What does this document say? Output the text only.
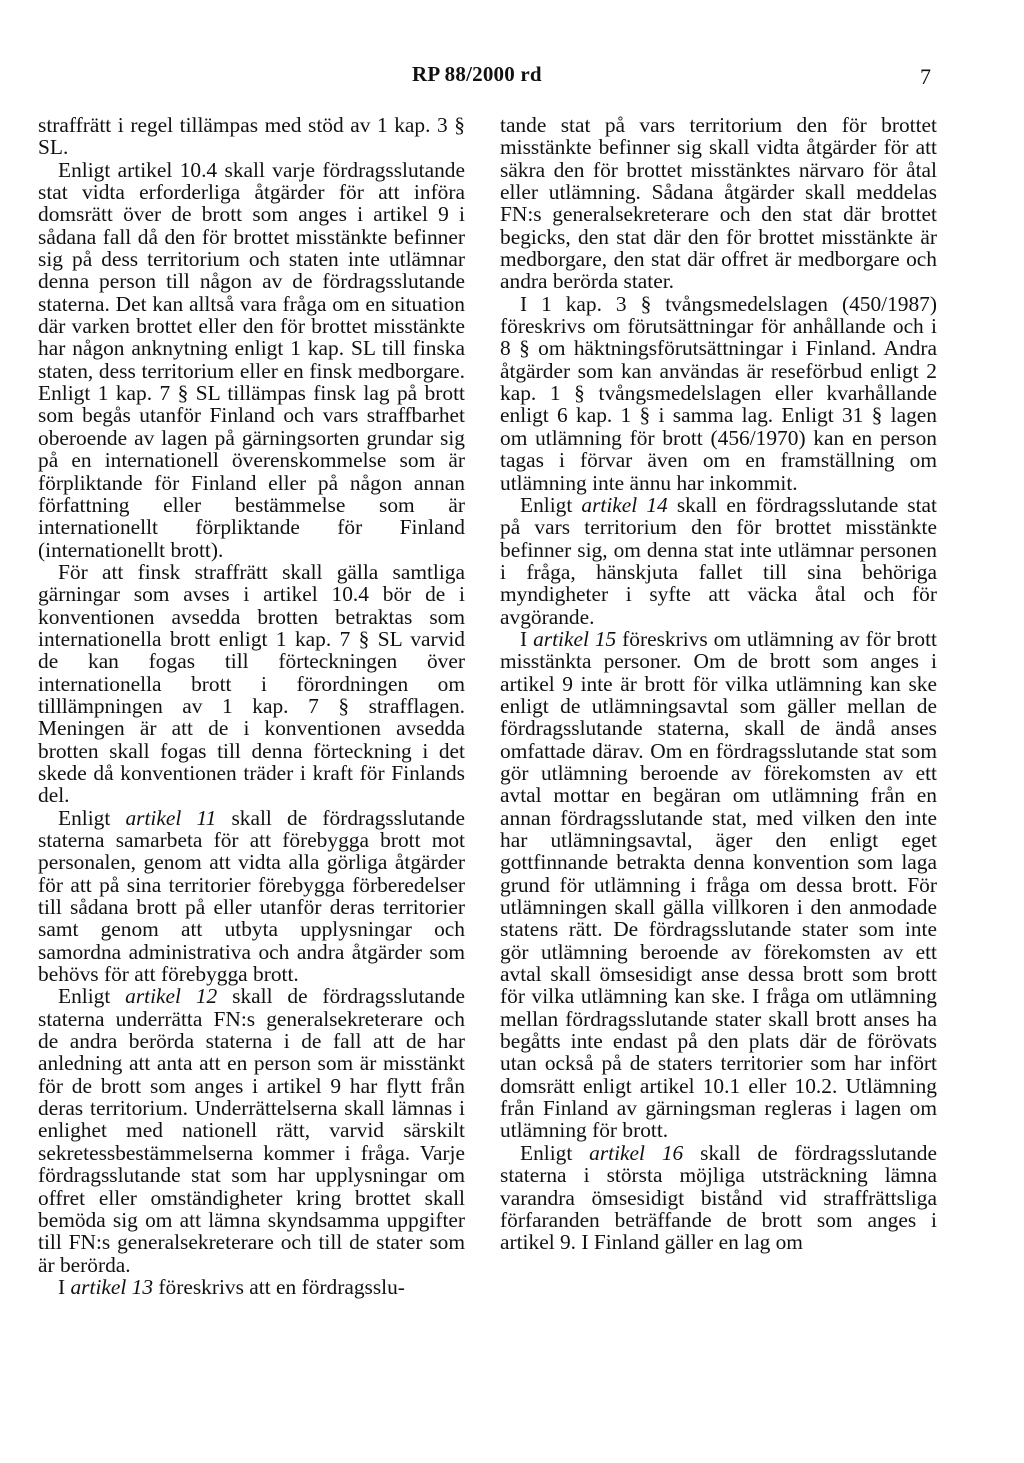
RP 88/2000 rd	7

straffrätt i regel tillämpas med stöd av 1 kap. 3 § SL.

Enligt artikel 10.4 skall varje fördragsslutande stat vidta erforderliga åtgärder för att införa domsrätt över de brott som anges i artikel 9 i sådana fall då den för brottet misstänkte befinner sig på dess territorium och staten inte utlämnar denna person till någon av de fördragsslutande staterna. Det kan alltså vara fråga om en situation där varken brottet eller den för brottet misstänkte har någon anknytning enligt 1 kap. SL till finska staten, dess territorium eller en finsk medborgare. Enligt 1 kap. 7 § SL tillämpas finsk lag på brott som begås utanför Finland och vars straffbarhet oberoende av lagen på gärningsorten grundar sig på en internationell överenskommelse som är förpliktande för Finland eller på någon annan författning eller bestämmelse som är internationellt förpliktande för Finland (internationellt brott).

För att finsk straffrätt skall gälla samtliga gärningar som avses i artikel 10.4 bör de i konventionen avsedda brotten betraktas som internationella brott enligt 1 kap. 7 § SL varvid de kan fogas till förteckningen över internationella brott i förordningen om tilllämpningen av 1 kap. 7 § strafflagen. Meningen är att de i konventionen avsedda brotten skall fogas till denna förteckning i det skede då konventionen träder i kraft för Finlands del.

Enligt artikel 11 skall de fördragsslutande staterna samarbeta för att förebygga brott mot personalen, genom att vidta alla görliga åtgärder för att på sina territorier förebygga förberedelser till sådana brott på eller utanför deras territorier samt genom att utbyta upplysningar och samordna administrativa och andra åtgärder som behövs för att förebygga brott.

Enligt artikel 12 skall de fördragsslutande staterna underrätta FN:s generalsekreterare och de andra berörda staterna i de fall att de har anledning att anta att en person som är misstänkt för de brott som anges i artikel 9 har flytt från deras territorium. Underrättelserna skall lämnas i enlighet med nationell rätt, varvid särskilt sekretessbestämmelserna kommer i fråga. Varje fördragsslutande stat som har upplysningar om offret eller omständigheter kring brottet skall bemöda sig om att lämna skyndsamma uppgifter till FN:s generalsekreterare och till de stater som är berörda.

I artikel 13 föreskrivs att en fördragsslu-

tande stat på vars territorium den för brottet misstänkte befinner sig skall vidta åtgärder för att säkra den för brottet misstänktes närvaro för åtal eller utlämning. Sådana åtgärder skall meddelas FN:s generalsekreterare och den stat där brottet begicks, den stat där den för brottet misstänkte är medborgare, den stat där offret är medborgare och andra berörda stater.

I 1 kap. 3 § tvångsmedelslagen (450/1987) föreskrivs om förutsättningar för anhållande och i 8 § om häktningsförutsättningar i Finland. Andra åtgärder som kan användas är reseförbud enligt 2 kap. 1 § tvångsmedelslagen eller kvarhållande enligt 6 kap. 1 § i samma lag. Enligt 31 § lagen om utlämning för brott (456/1970) kan en person tagas i förvar även om en framställning om utlämning inte ännu har inkommit.

Enligt artikel 14 skall en fördragsslutande stat på vars territorium den för brottet misstänkte befinner sig, om denna stat inte utlämnar personen i fråga, hänskjuta fallet till sina behöriga myndigheter i syfte att väcka åtal och för avgörande.

I artikel 15 föreskrivs om utlämning av för brott misstänkta personer. Om de brott som anges i artikel 9 inte är brott för vilka utlämning kan ske enligt de utlämningsavtal som gäller mellan de fördragsslutande staterna, skall de ändå anses omfattade därav. Om en fördragsslutande stat som gör utlämning beroende av förekomsten av ett avtal mottar en begäran om utlämning från en annan fördragsslutande stat, med vilken den inte har utlämningsavtal, äger den enligt eget gottfinnande betrakta denna konvention som laga grund för utlämning i fråga om dessa brott. För utlämningen skall gälla villkoren i den anmodade statens rätt. De fördragsslutande stater som inte gör utlämning beroende av förekomsten av ett avtal skall ömsesidigt anse dessa brott som brott för vilka utlämning kan ske. I fråga om utlämning mellan fördragsslutande stater skall brott anses ha begåtts inte endast på den plats där de förövats utan också på de staters territorier som har infört domsrätt enligt artikel 10.1 eller 10.2. Utlämning från Finland av gärningsman regleras i lagen om utlämning för brott.

Enligt artikel 16 skall de fördragsslutande staterna i största möjliga utsträckning lämna varandra ömsesidigt bistånd vid straffrättsliga förfaranden beträffande de brott som anges i artikel 9. I Finland gäller en lag om
